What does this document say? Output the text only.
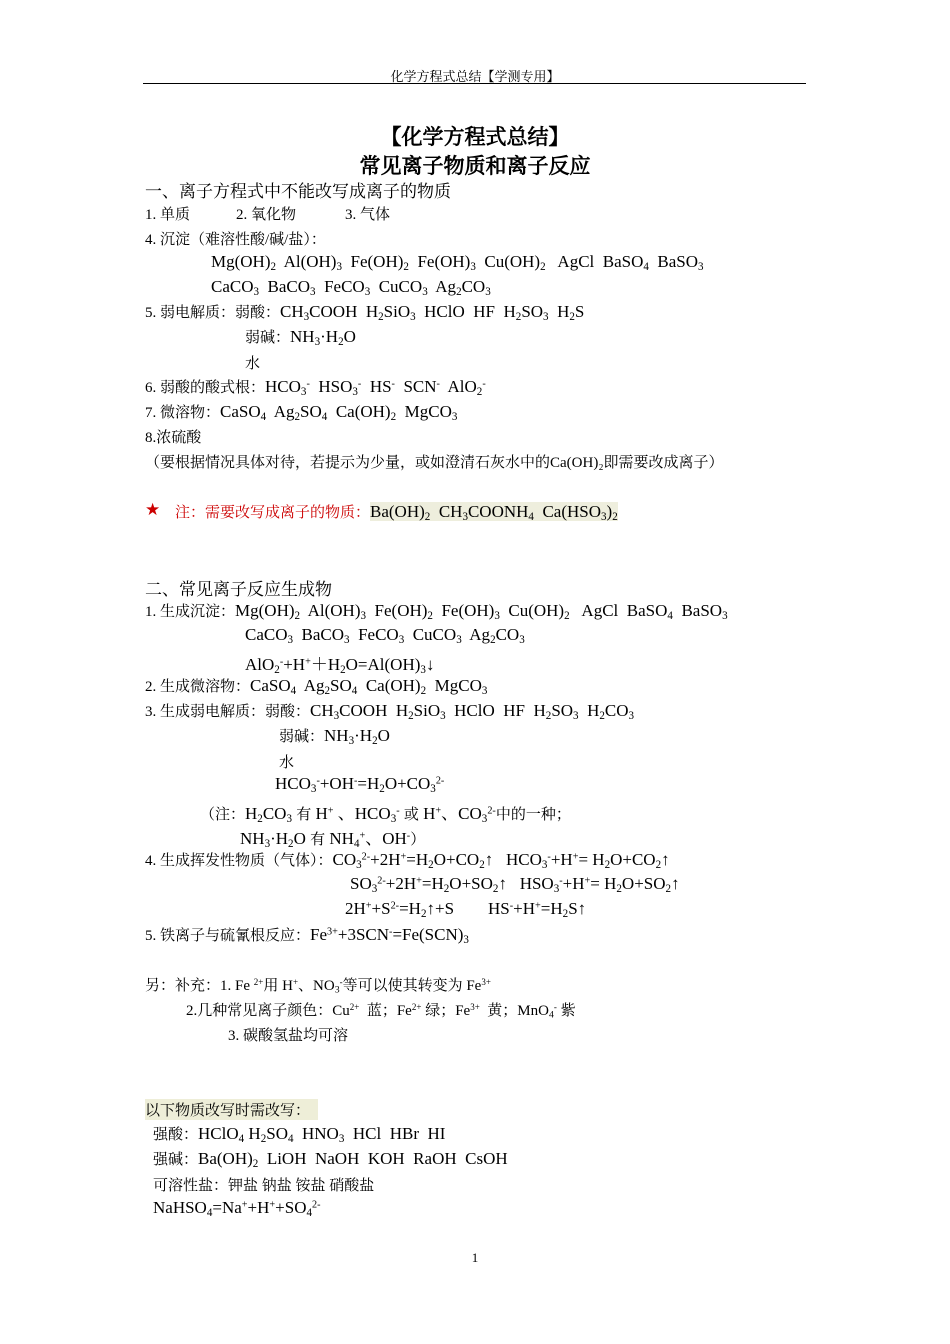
化学方程式总结【学测专用】
【化学方程式总结】
常见离子物质和离子反应
一、离子方程式中不能改写成离子的物质
1. 单质	2. 氧化物	3. 气体
4. 沉淀（难溶性酸/碱/盐）：
$Mg(OH)_2$  $Al(OH)_3$  $Fe(OH)_2$  $Fe(OH)_3$  $Cu(OH)_2$   AgCl  BaSO$_4$  BaSO$_3$
CaCO$_3$  BaCO$_3$  FeCO$_3$  CuCO$_3$  $Ag_2CO_3$
5. 弱电解质：弱酸：$CH_3COOH$  $H_2SiO_3$  HClO  HF  $H_2SO_3$  $H_2S$
弱碱：$NH_3\cdot H_2O$
水
6. 弱酸的酸式根：$HCO_3^-$  $HSO_3^-$  HS-  SCN-  AlO$_2$-
7. 微溶物：CaSO$_4$  $Ag_2SO_4$  $Ca(OH)_2$  MgCO$_3$
8.浓硫酸
（要根据情况具体对待，若提示为少量，或如澄清石灰水中的Ca(OH)₂即需要改成离子）
★ 注：需要改写成离子的物质：$Ba(OH)_2$  $CH_3COONH_4$  $Ca(HSO_3)_2$
二、常见离子反应生成物
1. 生成沉淀：$Mg(OH)_2$  $Al(OH)_3$  $Fe(OH)_2$  $Fe(OH)_3$  $Cu(OH)_2$   AgCl  BaSO$_4$  BaSO$_3$
CaCO$_3$  BaCO$_3$  FeCO$_3$  CuCO$_3$  $Ag_2CO_3$
$AlO_2^-+H^++H_2O=Al(OH)_3↓$
2. 生成微溶物：CaSO$_4$  $Ag_2SO_4$  $Ca(OH)_2$  MgCO$_3$
3. 生成弱电解质：弱酸：$CH_3COOH$  $H_2SiO_3$  HClO  HF  $H_2SO_3$  $H_2CO_3$
弱碱：$NH_3\cdot H_2O$
水
$HCO_3^-+OH^-=H_2O+CO_3^{2-}$
（注：$H_2CO_3$ 有 H+ 、$HCO_3^-$ 或 H+、$CO_3^{2-}$中的一种；
$NH_3\cdot H_2O$ 有 $NH_4^+$、OH-）
4. 生成挥发性物质（气体）：$CO_3^{2-}+2H^+=H_2O+CO_2↑$   $HCO_3^-+H^+=$ $H_2O+CO_2↑$
$SO_3^{2-}+2H^+=H_2O+SO_2↑$   $HSO_3^-+H^+=$ $H_2O+SO_2↑$
$2H^++S^{2-}=H_2↑+S$        $HS^-+H^+=H_2S↑$
5. 铁离子与硫氰根反应：$Fe^{3+}+3SCN^-=Fe(SCN)_3$
另：补充：1. Fe $^{2+}$用 H+、$NO_3^-$等可以使其转变为 $Fe^{3+}$
2.几种常见离子颜色：$Cu^{2+}$ 蓝；$Fe^{2+}$ 绿；$Fe^{3+}$ 黄；MnO$_4$- 紫
3. 碳酸氢盐均可溶
以下物质改写时需改写：
强酸：HClO$_4$ $H_2SO_4$  $HNO_3$  HCl  HBr  HI
强碱：$Ba(OH)_2$  LiOH  NaOH  KOH  RaOH  CsOH
可溶性盐：钾盐 钠盐 铵盐 硝酸盐
$NaHSO_4=Na^++H^++SO_4^{2-}$
1
